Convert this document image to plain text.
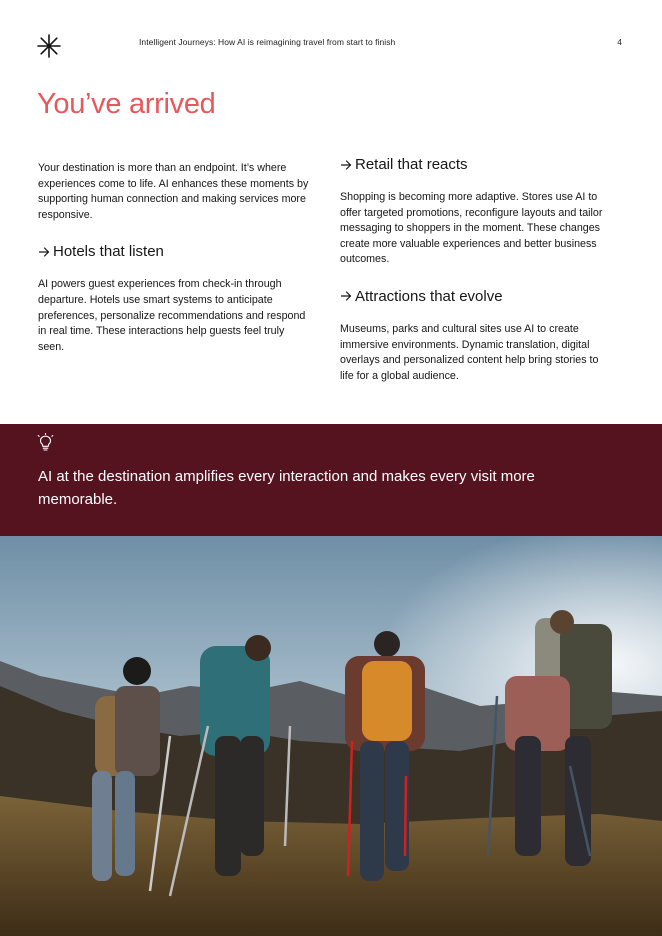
Intelligent Journeys: How AI is reimagining travel from start to finish	4
You’ve arrived

Your destination is more than an endpoint. It’s where experiences come to life. AI enhances these moments by supporting human connection and making services more responsive.

Hotels that listen

AI powers guest experiences from check-in through departure. Hotels use smart systems to anticipate preferences, personalize recommendations and respond in real time. These interactions help guests feel truly seen.

Retail that reacts

Shopping is becoming more adaptive. Stores use AI to offer targeted promotions, reconfigure layouts and tailor messaging to shoppers in the moment. These changes create more valuable experiences and better business outcomes.

Attractions that evolve

Museums, parks and cultural sites use AI to create immersive environments. Dynamic translation, digital overlays and personalized content help bring stories to life for a global audience.

AI at the destination amplifies every interaction and makes every visit more memorable.
